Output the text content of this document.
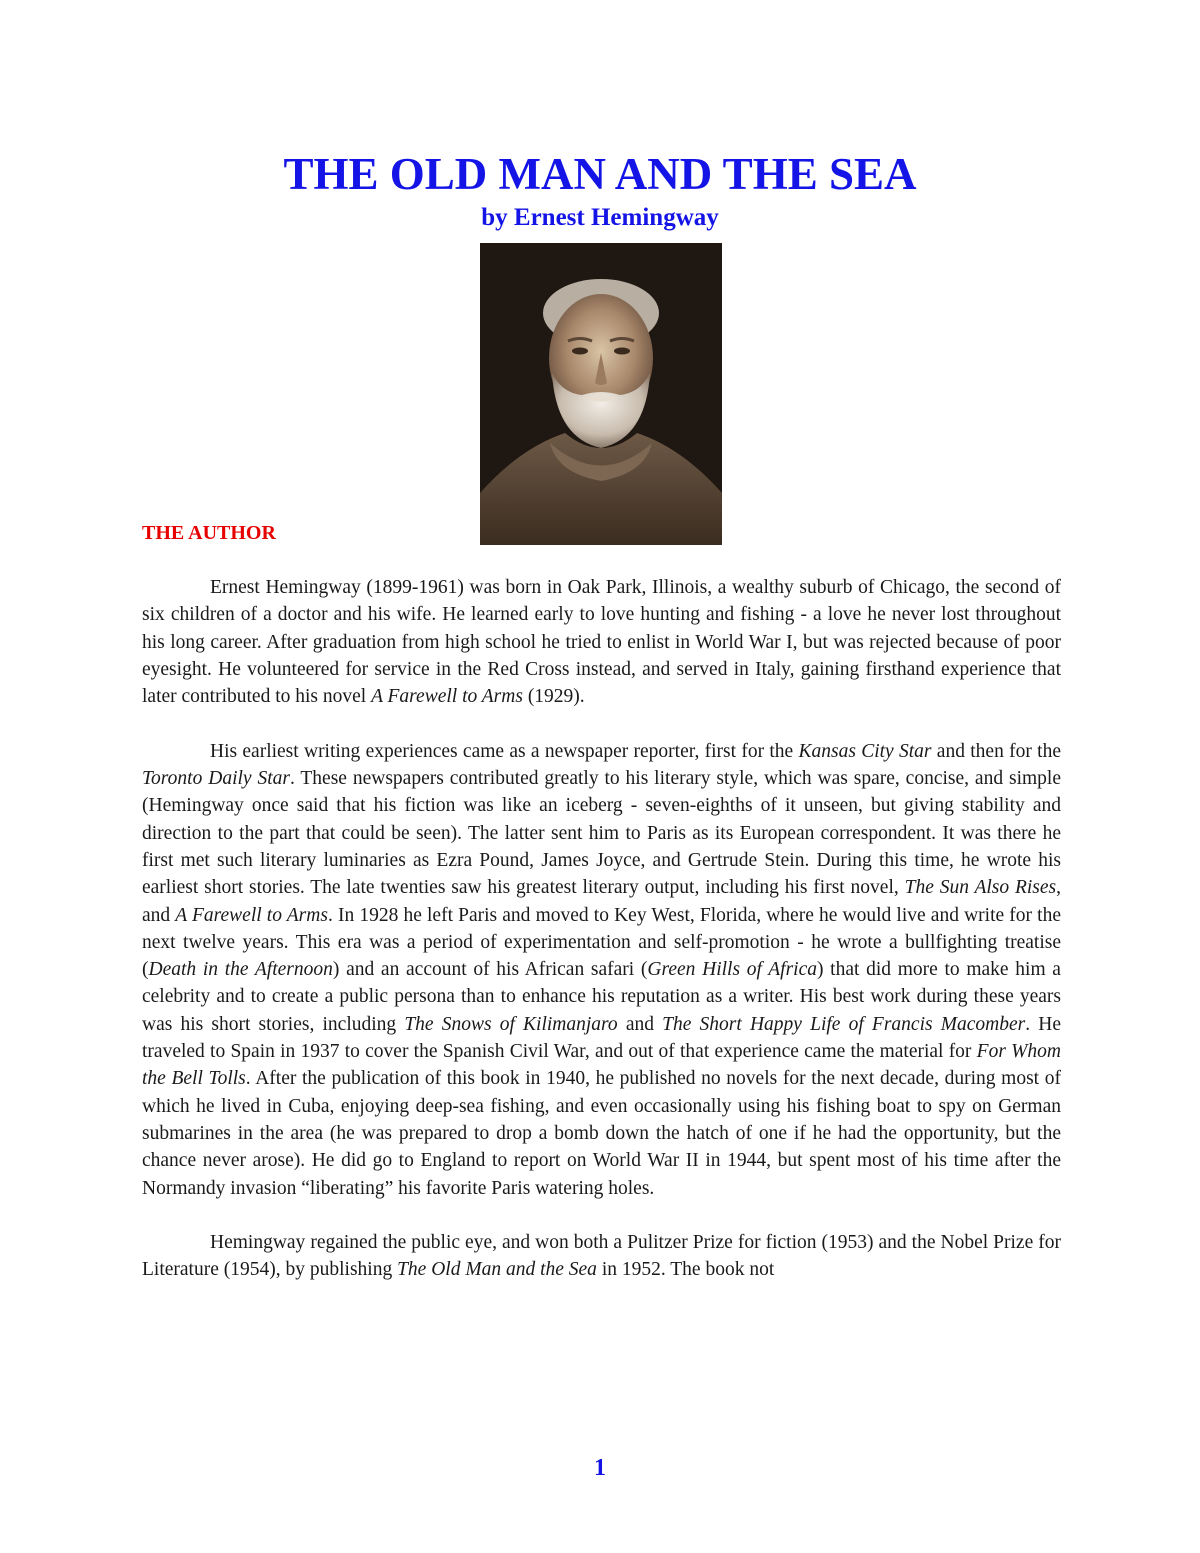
THE OLD MAN AND THE SEA
by Ernest Hemingway
THE AUTHOR

Ernest Hemingway (1899-1961) was born in Oak Park, Illinois, a wealthy suburb of Chicago, the second of six children of a doctor and his wife. He learned early to love hunting and fishing - a love he never lost throughout his long career. After graduation from high school he tried to enlist in World War I, but was rejected because of poor eyesight. He volunteered for service in the Red Cross instead, and served in Italy, gaining firsthand experience that later contributed to his novel A Farewell to Arms (1929).

His earliest writing experiences came as a newspaper reporter, first for the Kansas City Star and then for the Toronto Daily Star. These newspapers contributed greatly to his literary style, which was spare, concise, and simple (Hemingway once said that his fiction was like an iceberg - seven-eighths of it unseen, but giving stability and direction to the part that could be seen). The latter sent him to Paris as its European correspondent. It was there he first met such literary luminaries as Ezra Pound, James Joyce, and Gertrude Stein. During this time, he wrote his earliest short stories. The late twenties saw his greatest literary output, including his first novel, The Sun Also Rises, and A Farewell to Arms. In 1928 he left Paris and moved to Key West, Florida, where he would live and write for the next twelve years. This era was a period of experimentation and self-promotion - he wrote a bullfighting treatise (Death in the Afternoon) and an account of his African safari (Green Hills of Africa) that did more to make him a celebrity and to create a public persona than to enhance his reputation as a writer. His best work during these years was his short stories, including The Snows of Kilimanjaro and The Short Happy Life of Francis Macomber. He traveled to Spain in 1937 to cover the Spanish Civil War, and out of that experience came the material for For Whom the Bell Tolls. After the publication of this book in 1940, he published no novels for the next decade, during most of which he lived in Cuba, enjoying deep-sea fishing, and even occasionally using his fishing boat to spy on German submarines in the area (he was prepared to drop a bomb down the hatch of one if he had the opportunity, but the chance never arose). He did go to England to report on World War II in 1944, but spent most of his time after the Normandy invasion “liberating” his favorite Paris watering holes.

Hemingway regained the public eye, and won both a Pulitzer Prize for fiction (1953) and the Nobel Prize for Literature (1954), by publishing The Old Man and the Sea in 1952. The book not

1
